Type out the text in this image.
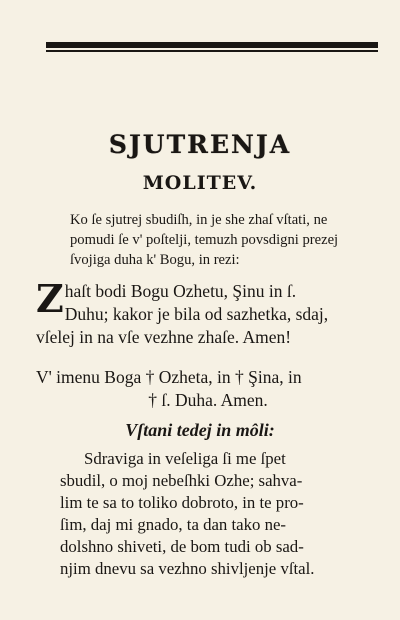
SJUTRENJA
MOLITEV.
Ko ſe sjutrej sbudiſh, in je she zhaſ vſtati, ne
pomudi ſe v' poſtelji, temuzh povsdigni prezej
ſvojiga duha k' Bogu, in rezi:
Z haſt bodi Bogu Ozhetu, Şinu in ſ.
Duhu; kakor je bila od sazhetka, sdaj,
vſelej in na vſe vezhne zhaſe. Amen!
V' imenu Boga † Ozheta, in † Şina, in
† ſ. Duha. Amen.
Vſtani tedej in môli:
Sdraviga in veſeliga ſi me ſpet
sbudil, o moj nebeſhki Ozhe; sahva-
lim te sa to toliko dobroto, in te pro-
ſim, daj mi gnado, ta dan tako ne-
dolshno shiveti, de bom tudi ob sad-
njim dnevu sa vezhno shivljenje vſtal.
